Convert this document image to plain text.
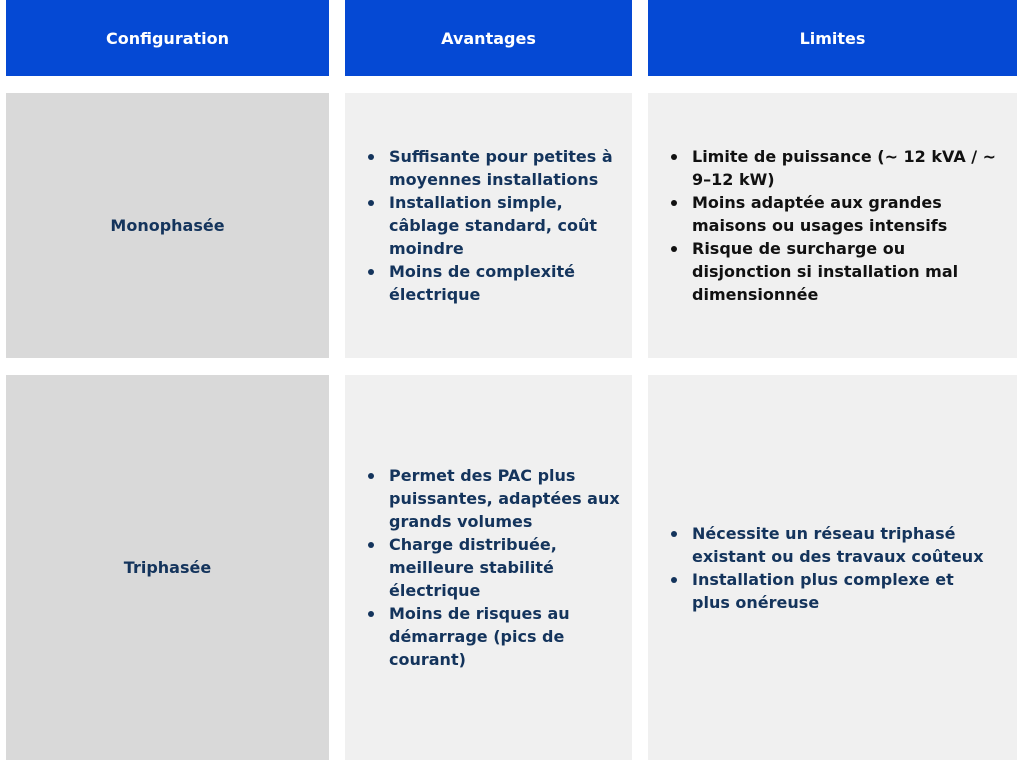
Configuration	Avantages	Limites
Monophasée
Suffisante pour petites à moyennes installations
Installation simple, câblage standard, coût moindre
Moins de complexité électrique
Limite de puissance (~ 12 kVA / ~ 9–12 kW)
Moins adaptée aux grandes maisons ou usages intensifs
Risque de surcharge ou disjonction si installation mal dimensionnée
Triphasée
Permet des PAC plus puissantes, adaptées aux grands volumes
Charge distribuée, meilleure stabilité électrique
Moins de risques au démarrage (pics de courant)
Nécessite un réseau triphasé existant ou des travaux coûteux
Installation plus complexe et plus onéreuse
